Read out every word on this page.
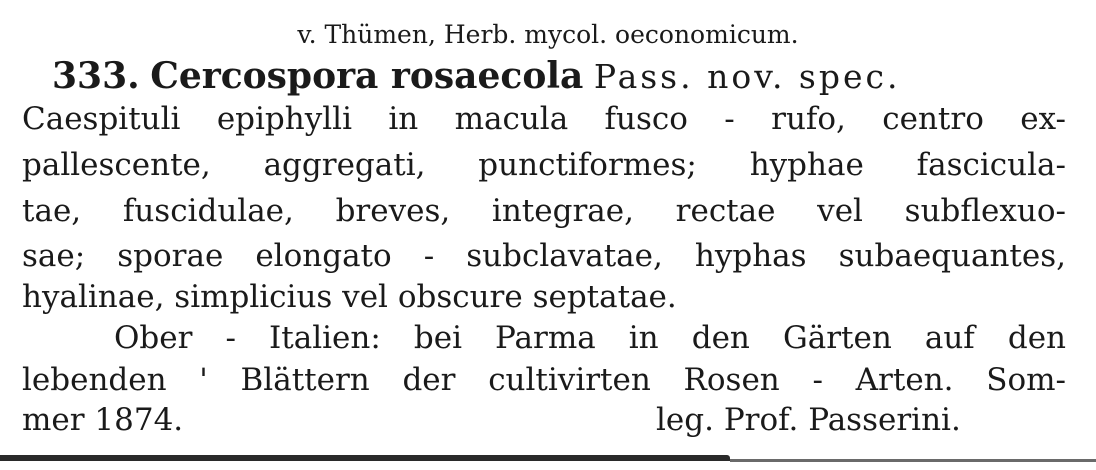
v. Thümen, Herb. mycol. oeconomicum.
333. Cercospora rosaecola Pass. nov. spec.
Caespituli epiphylli in macula fusco - rufo, centro ex-
pallescente, aggregati, punctiformes; hyphae fascicula-
tae, fuscidulae, breves, integrae, rectae vel subflexuo-
sae; sporae elongato - subclavatae, hyphas subaequantes,
hyalinae, simplicius vel obscure septatae.
Ober - Italien: bei Parma in den Gärten auf den
lebenden ' Blättern der cultivirten Rosen - Arten. Som-
mer 1874.	leg. Prof. Passerini.
